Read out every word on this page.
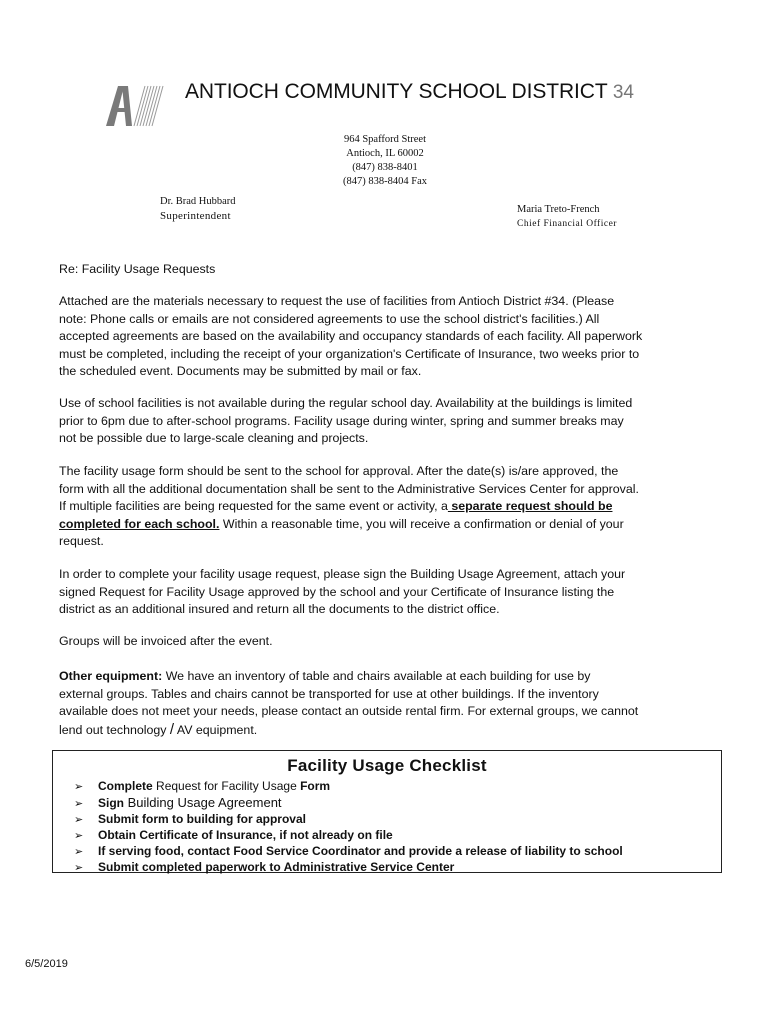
ANTIOCH COMMUNITY SCHOOL DISTRICT 34
964 Spafford Street
Antioch, IL 60002
(847) 838-8401
(847) 838-8404 Fax
Dr. Brad Hubbard
Superintendent
Maria Treto-French
Chief Financial Officer
Re: Facility Usage Requests
Attached are the materials necessary to request the use of facilities from Antioch District #34. (Please
note: Phone calls or emails are not considered agreements to use the school district's facilities.) All
accepted agreements are based on the availability and occupancy standards of each facility. All paperwork
must be completed, including the receipt of your organization's Certificate of Insurance, two weeks prior to
the scheduled event. Documents may be submitted by mail or fax.
Use of school facilities is not available during the regular school day. Availability at the buildings is limited
prior to 6pm due to after-school programs. Facility usage during winter, spring and summer breaks may
not be possible due to large-scale cleaning and projects.
The facility usage form should be sent to the school for approval. After the date(s) is/are approved, the
form with all the additional documentation shall be sent to the Administrative Services Center for approval.
If multiple facilities are being requested for the same event or activity, a separate request should be
completed for each school. Within a reasonable time, you will receive a confirmation or denial of your
request.
In order to complete your facility usage request, please sign the Building Usage Agreement, attach your
signed Request for Facility Usage approved by the school and your Certificate of Insurance listing the
district as an additional insured and return all the documents to the district office.
Groups will be invoiced after the event.
Other equipment: We have an inventory of table and chairs available at each building for use by
external groups. Tables and chairs cannot be transported for use at other buildings. If the inventory
available does not meet your needs, please contact an outside rental firm. For external groups, we cannot
lend out technology / AV equipment.
Facility Usage Checklist
➢ Complete Request for Facility Usage Form
➢ Sign Building Usage Agreement
➢ Submit form to building for approval
➢ Obtain Certificate of Insurance, if not already on file
➢ If serving food, contact Food Service Coordinator and provide a release of liability to school
➢ Submit completed paperwork to Administrative Service Center
6/5/2019
